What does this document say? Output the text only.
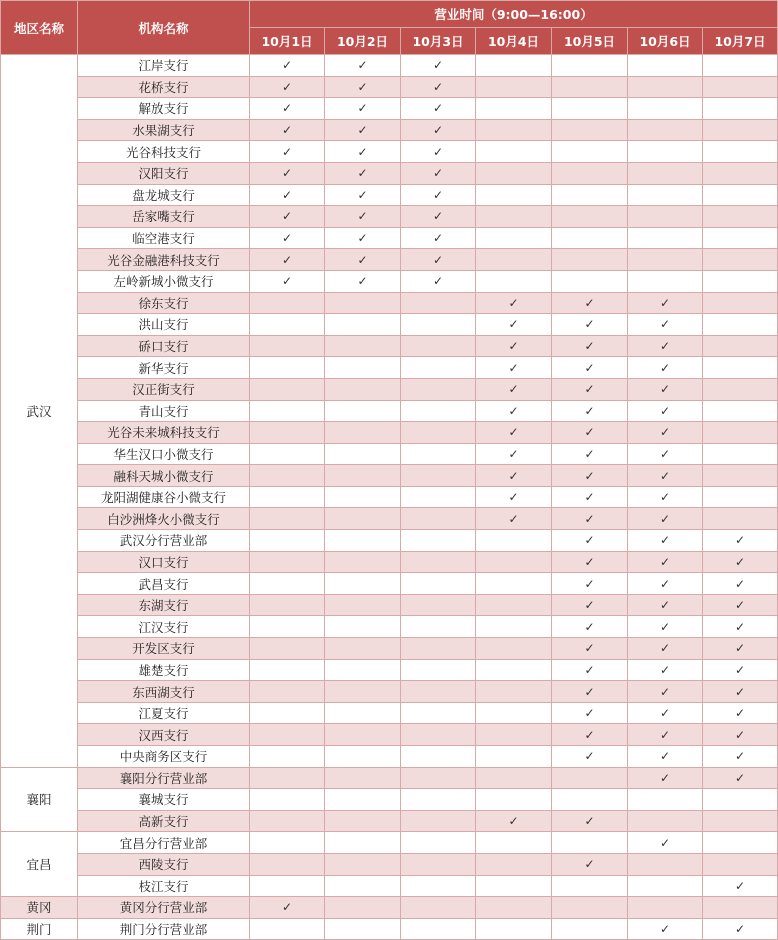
地区名称	机构名称	营业时间（9:00—16:00）						
		10月1日	10月2日	10月3日	10月4日	10月5日	10月6日	10月7日
武汉	江岸支行	✓	✓	✓				
	花桥支行	✓	✓	✓				
	解放支行	✓	✓	✓				
	水果湖支行	✓	✓	✓				
	光谷科技支行	✓	✓	✓				
	汉阳支行	✓	✓	✓				
	盘龙城支行	✓	✓	✓				
	岳家嘴支行	✓	✓	✓				
	临空港支行	✓	✓	✓				
	光谷金融港科技支行	✓	✓	✓				
	左岭新城小微支行	✓	✓	✓				
	徐东支行				✓	✓	✓	
	洪山支行				✓	✓	✓	
	硚口支行				✓	✓	✓	
	新华支行				✓	✓	✓	
	汉正街支行				✓	✓	✓	
	青山支行				✓	✓	✓	
	光谷未来城科技支行				✓	✓	✓	
	华生汉口小微支行				✓	✓	✓	
	融科天城小微支行				✓	✓	✓	
	龙阳湖健康谷小微支行				✓	✓	✓	
	白沙洲烽火小微支行				✓	✓	✓	
	武汉分行营业部					✓	✓	✓
	汉口支行					✓	✓	✓
	武昌支行					✓	✓	✓
	东湖支行					✓	✓	✓
	江汉支行					✓	✓	✓
	开发区支行					✓	✓	✓
	雄楚支行					✓	✓	✓
	东西湖支行					✓	✓	✓
	江夏支行					✓	✓	✓
	汉西支行					✓	✓	✓
	中央商务区支行					✓	✓	✓
襄阳	襄阳分行营业部						✓	✓
	襄城支行							
	高新支行				✓	✓		
宜昌	宜昌分行营业部						✓	
	西陵支行					✓		
	枝江支行							✓
黄冈	黄冈分行营业部	✓						
荆门	荆门分行营业部						✓	✓
